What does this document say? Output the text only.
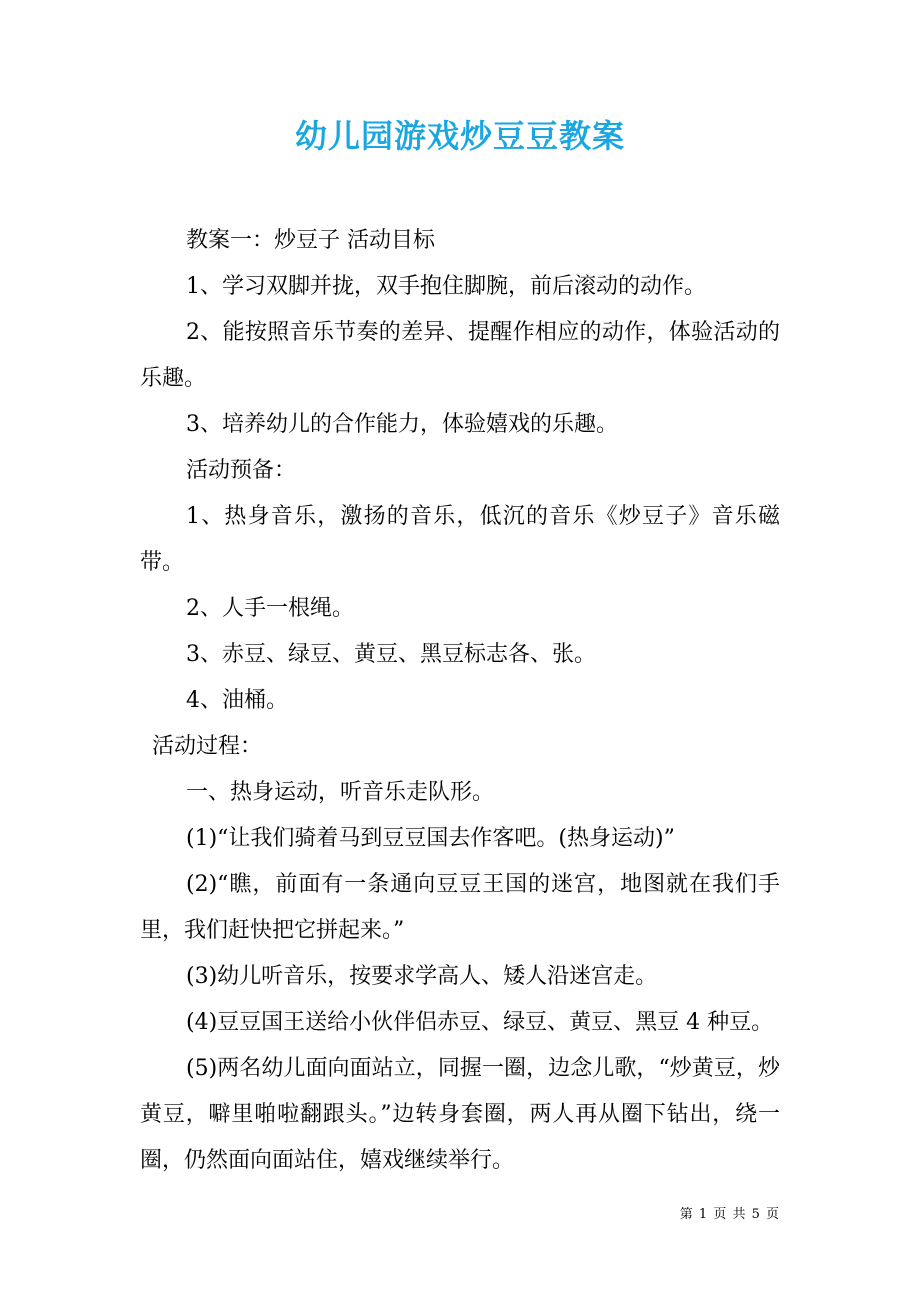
幼儿园游戏炒豆豆教案

教案一：炒豆子 活动目标

1、学习双脚并拢，双手抱住脚腕，前后滚动的动作。

2、能按照音乐节奏的差异、提醒作相应的动作，体验活动的乐趣。

3、培养幼儿的合作能力，体验嬉戏的乐趣。

活动预备：

1、热身音乐，激扬的音乐，低沉的音乐《炒豆子》音乐磁带。

2、人手一根绳。

3、赤豆、绿豆、黄豆、黑豆标志各、张。

4、油桶。

活动过程：

一、热身运动，听音乐走队形。

(1)“让我们骑着马到豆豆国去作客吧。(热身运动)”

(2)“瞧，前面有一条通向豆豆王国的迷宫，地图就在我们手里，我们赶快把它拼起来。”

(3)幼儿听音乐，按要求学高人、矮人沿迷宫走。

(4)豆豆国王送给小伙伴侣赤豆、绿豆、黄豆、黑豆 4 种豆。

(5)两名幼儿面向面站立，同握一圈，边念儿歌，“炒黄豆，炒黄豆，噼里啪啦翻跟头。”边转身套圈，两人再从圈下钻出，绕一圈，仍然面向面站住，嬉戏继续举行。

第 1 页 共 5 页
